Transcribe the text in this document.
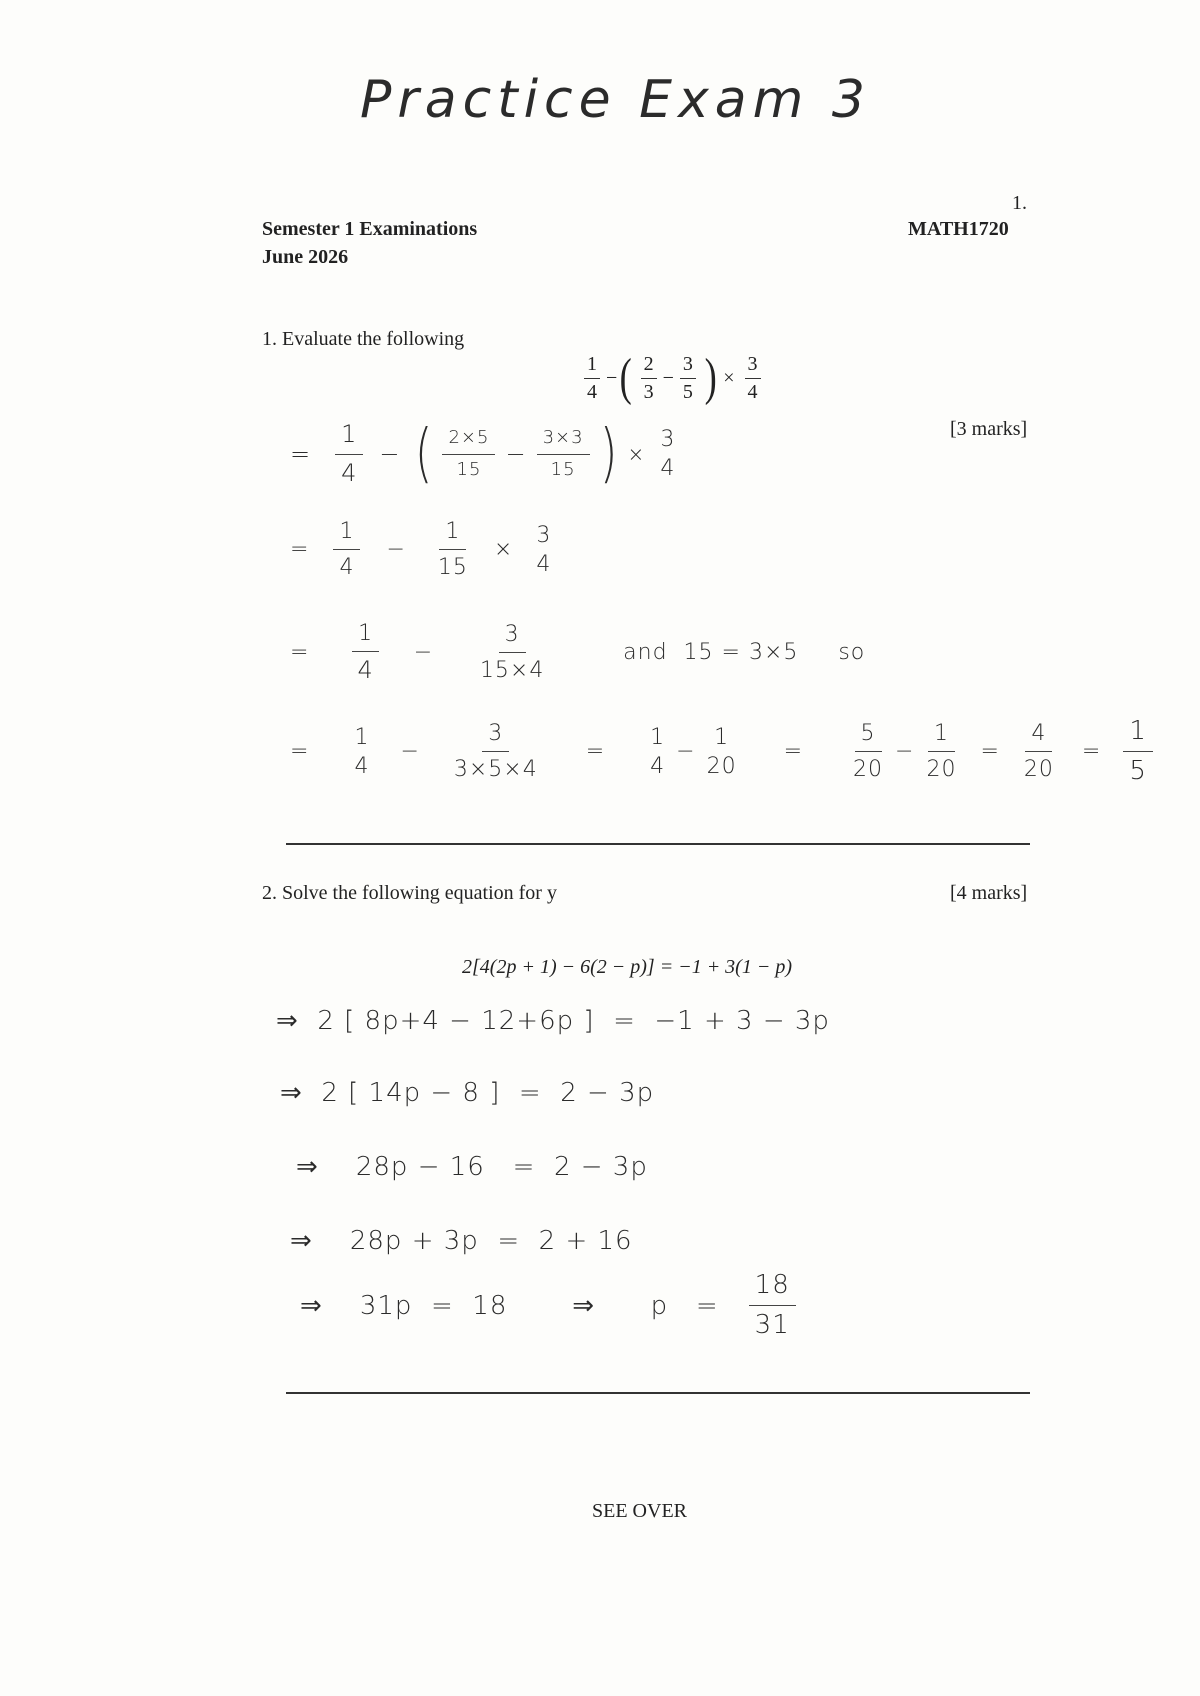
Practice Exam 3
1.
Semester 1 Examinations	MATH1720
June 2026
1. Evaluate the following
$\frac{1}{4}$ − ( $\frac{2}{3} - \frac{3}{5}$ ) × $\frac{3}{4}$
[3 marks]
= $\frac{1}{4}$ − ( $\frac{2\times 5}{15} - \frac{3\times 3}{15}$ ) ×
3
4
= $\frac{1}{4} - \frac{1}{15}$ ×
3
4
= $\frac{1}{4} - \frac{3}{15\times 4}$	and  15 = 3×5     so
=
1
4
− $\frac{3}{3\times 5\times 4}$ =
1
4
−
1
20
= $\frac{5}{20} - \frac{1}{20} = \frac{4}{20} = \frac{1}{5}$
2. Solve the following equation for y	[4 marks]
2[4(2p + 1) − 6(2 − p)] = −1 + 3(1 − p)
⇒  2 [ 8p+4 − 12+6p ]  =  −1 + 3 − 3p
⇒  2 [ 14p − 8 ]  =  2 − 3p
⇒    28p − 16   =  2 − 3p
⇒    28p + 3p  =  2 + 16
⇒    31p  =  18       ⇒      $p = \frac{18}{31}$
SEE OVER
